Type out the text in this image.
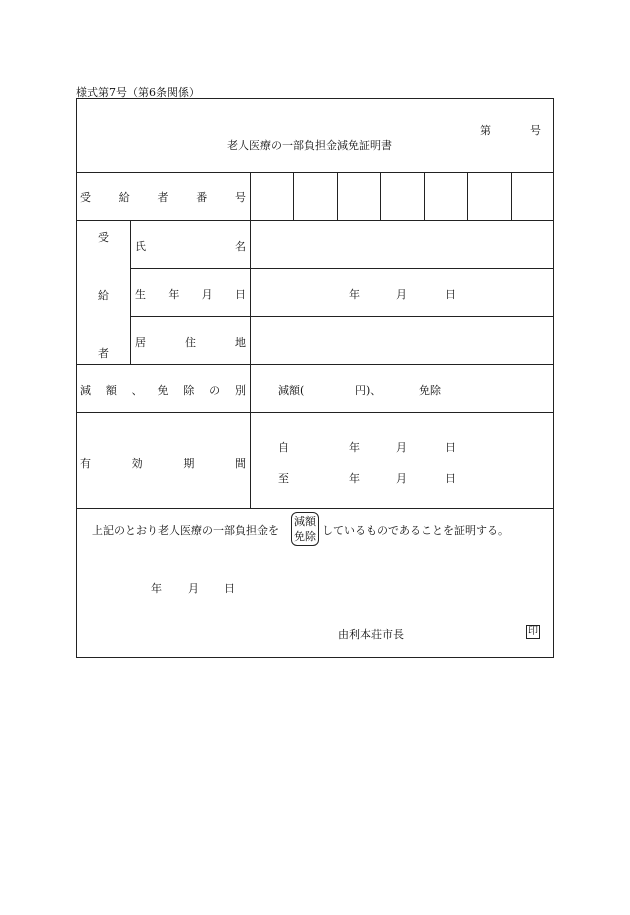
様式第7号（第6条関係）
第	号
老人医療の一部負担金減免証明書
受	給	者	番	号
受
給
者
氏	名
生 年 月 日	年	月	日
居	住	地
減 額 、 免 除 の 別	減額(	円)、	免除
有	効	期	間
自	年	月	日
至	年	月	日
上記のとおり老人医療の一部負担金を
減額
免除 しているものであることを証明する。
年 月 日
由利本荘市長	印
